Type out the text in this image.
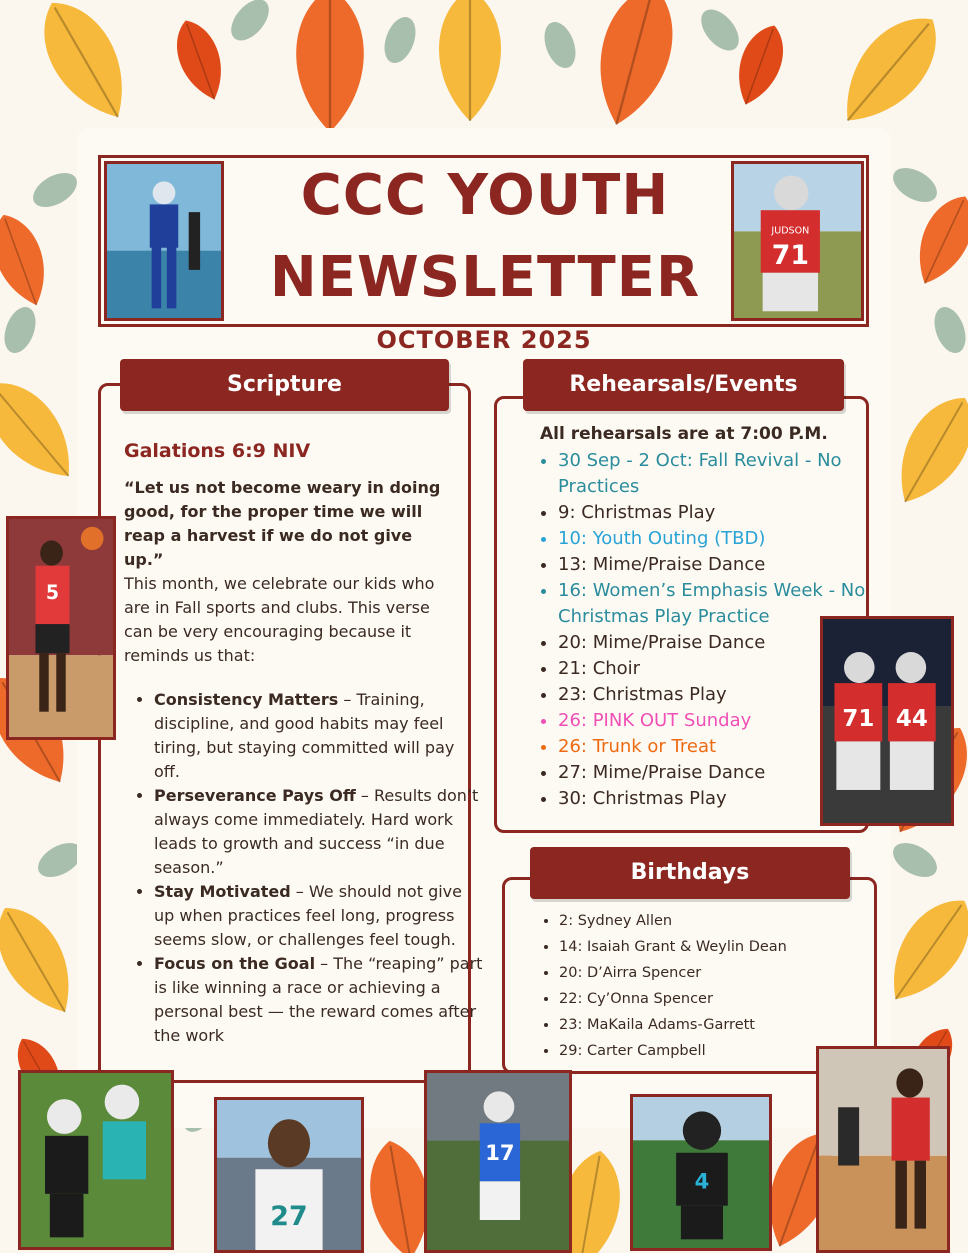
CCC YOUTH
NEWSLETTER
OCTOBER 2025
JUDSON
71
Scripture
Galations 6:9 NIV
“Let us not become weary in doing good, for the proper time we will reap a harvest if we do not give up.”
This month, we celebrate our kids who are in Fall sports and clubs. This verse can be very encouraging because it reminds us that:
• Consistency Matters – Training, discipline, and good habits may feel tiring, but staying committed will pay off.
• Perseverance Pays Off – Results don’t always come immediately. Hard work leads to growth and success “in due season.”
• Stay Motivated – We should not give up when practices feel long, progress seems slow, or challenges feel tough.
• Focus on the Goal – The “reaping” part is like winning a race or achieving a personal best — the reward comes after the work
Rehearsals/Events
All rehearsals are at 7:00 P.M.
• 30 Sep - 2 Oct: Fall Revival - No Practices
• 9: Christmas Play
• 10: Youth Outing (TBD)
• 13: Mime/Praise Dance
• 16: Women’s Emphasis Week - No Christmas Play Practice
• 20: Mime/Praise Dance
• 21: Choir
• 23: Christmas Play
• 26: PINK OUT Sunday
• 26: Trunk or Treat
• 27: Mime/Praise Dance
• 30: Christmas Play
Birthdays
• 2: Sydney Allen
• 14: Isaiah Grant & Weylin Dean
• 20: D’Airra Spencer
• 22: Cy’Onna Spencer
• 23: MaKaila Adams-Garrett
• 29: Carter Campbell
5
71 44
27
17
4
